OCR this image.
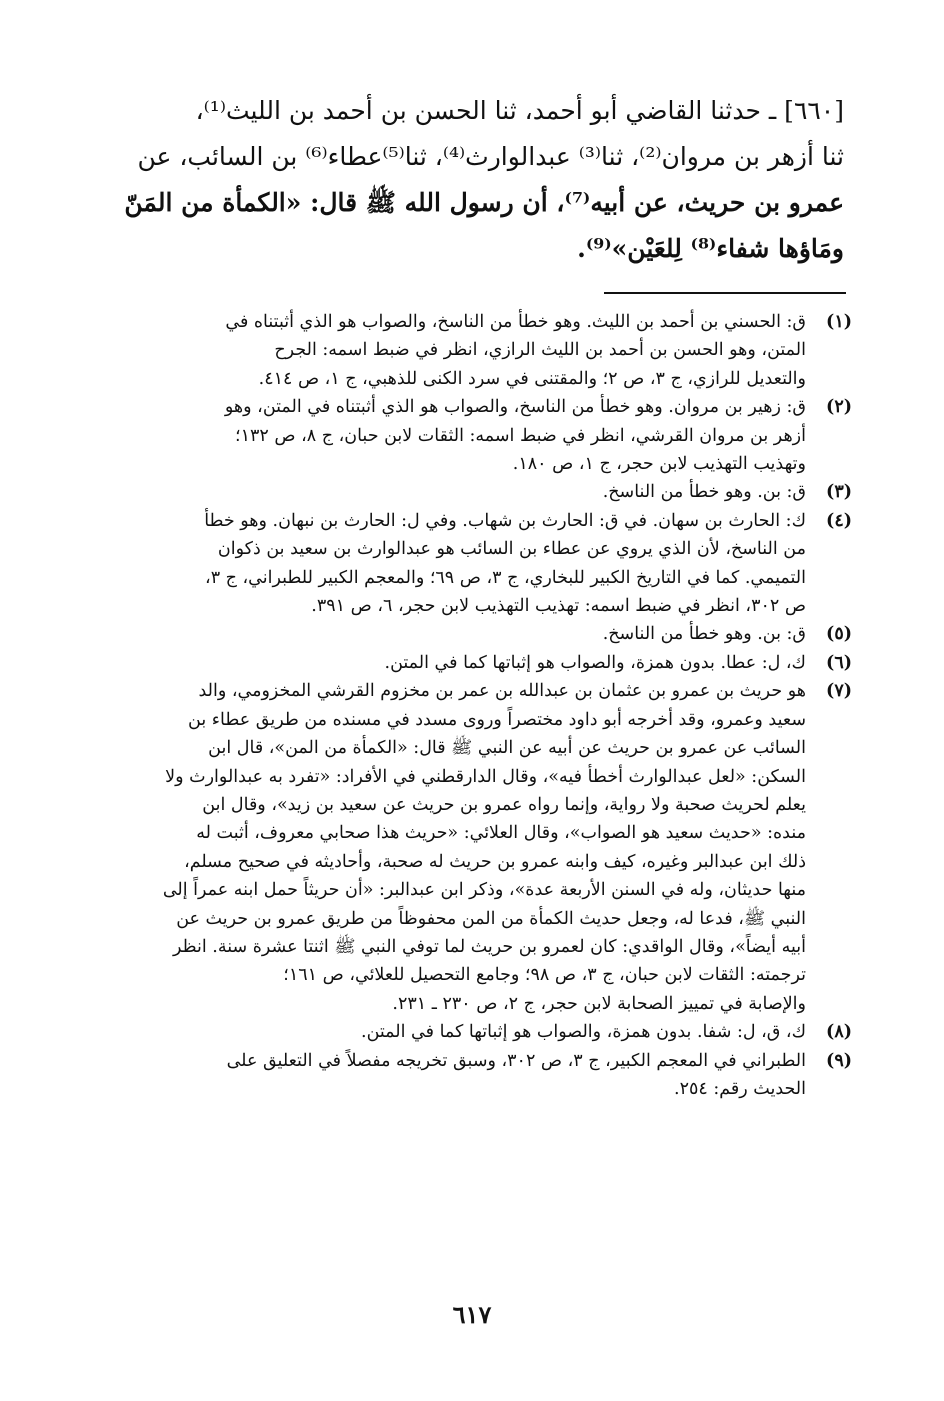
[٦٦٠] ـ حدثنا القاضي أبو أحمد، ثنا الحسن بن أحمد بن الليث⁽¹⁾،
ثنا أزهر بن مروان⁽²⁾، ثنا⁽³⁾ عبدالوارث⁽⁴⁾، ثنا⁽⁵⁾عطاء⁽⁶⁾ بن السائب، عن
عمرو بن حريث، عن أبيه⁽⁷⁾، أن رسول الله ﷺ قال: «الكمأة من المَنّ
ومَاؤها شفاء⁽⁸⁾ لِلعَيْن»⁽⁹⁾.
(١)
ق: الحسني بن أحمد بن الليث. وهو خطأ من الناسخ، والصواب هو الذي أثبتناه في
المتن، وهو الحسن بن أحمد بن الليث الرازي، انظر في ضبط اسمه: الجرح
والتعديل للرازي، ج ٣، ص ٢؛ والمقتنى في سرد الكنى للذهبي، ج ١، ص ٤١٤.
(٢)
ق: زهير بن مروان. وهو خطأ من الناسخ، والصواب هو الذي أثبتناه في المتن، وهو
أزهر بن مروان القرشي، انظر في ضبط اسمه: الثقات لابن حبان، ج ٨، ص ١٣٢؛
وتهذيب التهذيب لابن حجر، ج ١، ص ١٨٠.
(٣)
ق: بن. وهو خطأ من الناسخ.
(٤)
ك: الحارث بن سهان. في ق: الحارث بن شهاب. وفي ل: الحارث بن نبهان. وهو خطأ
من الناسخ، لأن الذي يروي عن عطاء بن السائب هو عبدالوارث بن سعيد بن ذكوان
التميمي. كما في التاريخ الكبير للبخاري، ج ٣، ص ٦٩؛ والمعجم الكبير للطبراني، ج ٣،
ص ٣٠٢، انظر في ضبط اسمه: تهذيب التهذيب لابن حجر، ٦، ص ٣٩١.
(٥)
ق: بن. وهو خطأ من الناسخ.
(٦)
ك، ل: عطا. بدون همزة، والصواب هو إثباتها كما في المتن.
(٧)
هو حريث بن عمرو بن عثمان بن عبدالله بن عمر بن مخزوم القرشي المخزومي، والد
سعيد وعمرو، وقد أخرجه أبو داود مختصراً وروى مسدد في مسنده من طريق عطاء بن
السائب عن عمرو بن حريث عن أبيه عن النبي ﷺ قال: «الكمأة من المن»، قال ابن
السكن: «لعل عبدالوارث أخطأ فيه»، وقال الدارقطني في الأفراد: «تفرد به عبدالوارث ولا
يعلم لحريث صحبة ولا رواية، وإنما رواه عمرو بن حريث عن سعيد بن زيد»، وقال ابن
منده: «حديث سعيد هو الصواب»، وقال العلائي: «حريث هذا صحابي معروف، أثبت له
ذلك ابن عبدالبر وغيره، كيف وابنه عمرو بن حريث له صحبة، وأحاديثه في صحيح مسلم،
منها حديثان، وله في السنن الأربعة عدة»، وذكر ابن عبدالبر: «أن حريثاً حمل ابنه عمراً إلى
النبي ﷺ، فدعا له، وجعل حديث الكمأة من المن محفوظاً من طريق عمرو بن حريث عن
أبيه أيضاً»، وقال الواقدي: كان لعمرو بن حريث لما توفي النبي ﷺ اثنتا عشرة سنة. انظر
ترجمته: الثقات لابن حبان، ج ٣، ص ٩٨؛ وجامع التحصيل للعلائي، ص ١٦١؛
والإصابة في تمييز الصحابة لابن حجر، ج ٢، ص ٢٣٠ ـ ٢٣١.
(٨)
ك، ق، ل: شفا. بدون همزة، والصواب هو إثباتها كما في المتن.
(٩)
الطبراني في المعجم الكبير، ج ٣، ص ٣٠٢، وسبق تخريجه مفصلاً في التعليق على
الحديث رقم: ٢٥٤.
٦١٧
